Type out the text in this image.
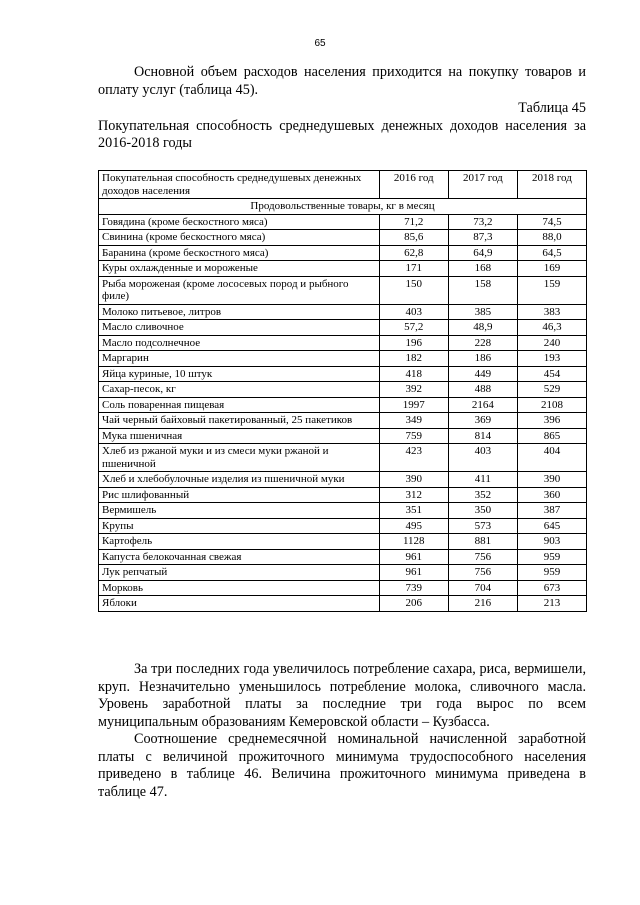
65

Основной объем расходов населения приходится на покупку товаров и оплату услуг (таблица 45).

Таблица 45

Покупательная способность среднедушевых денежных доходов населения за 2016-2018 годы

Покупательная способность среднедушевых денежных доходов населения	2016 год	2017 год	2018 год
Продовольственные товары, кг в месяц			
Говядина (кроме бескостного мяса)	71,2	73,2	74,5
Свинина (кроме бескостного мяса)	85,6	87,3	88,0
Баранина (кроме бескостного мяса)	62,8	64,9	64,5
Куры охлажденные и мороженые	171	168	169
Рыба мороженая (кроме лососевых пород и рыбного филе)	150	158	159
Молоко питьевое, литров	403	385	383
Масло сливочное	57,2	48,9	46,3
Масло подсолнечное	196	228	240
Маргарин	182	186	193
Яйца куриные, 10 штук	418	449	454
Сахар-песок, кг	392	488	529
Соль поваренная пищевая	1997	2164	2108
Чай черный байховый пакетированный, 25 пакетиков	349	369	396
Мука пшеничная	759	814	865
Хлеб из ржаной муки и из смеси муки ржаной и пшеничной	423	403	404
Хлеб и хлебобулочные изделия из пшеничной муки	390	411	390
Рис шлифованный	312	352	360
Вермишель	351	350	387
Крупы	495	573	645
Картофель	1128	881	903
Капуста белокочанная свежая	961	756	959
Лук репчатый	961	756	959
Морковь	739	704	673
Яблоки	206	216	213

За три последних года увеличилось потребление сахара, риса, вермишели, круп. Незначительно уменьшилось потребление молока, сливочного масла. Уровень заработной платы за последние три года вырос по всем муниципальным образованиям Кемеровской области – Кузбасса.

Соотношение среднемесячной номинальной начисленной заработной платы с величиной прожиточного минимума трудоспособного населения приведено в таблице 46. Величина прожиточного минимума приведена в таблице 47.
